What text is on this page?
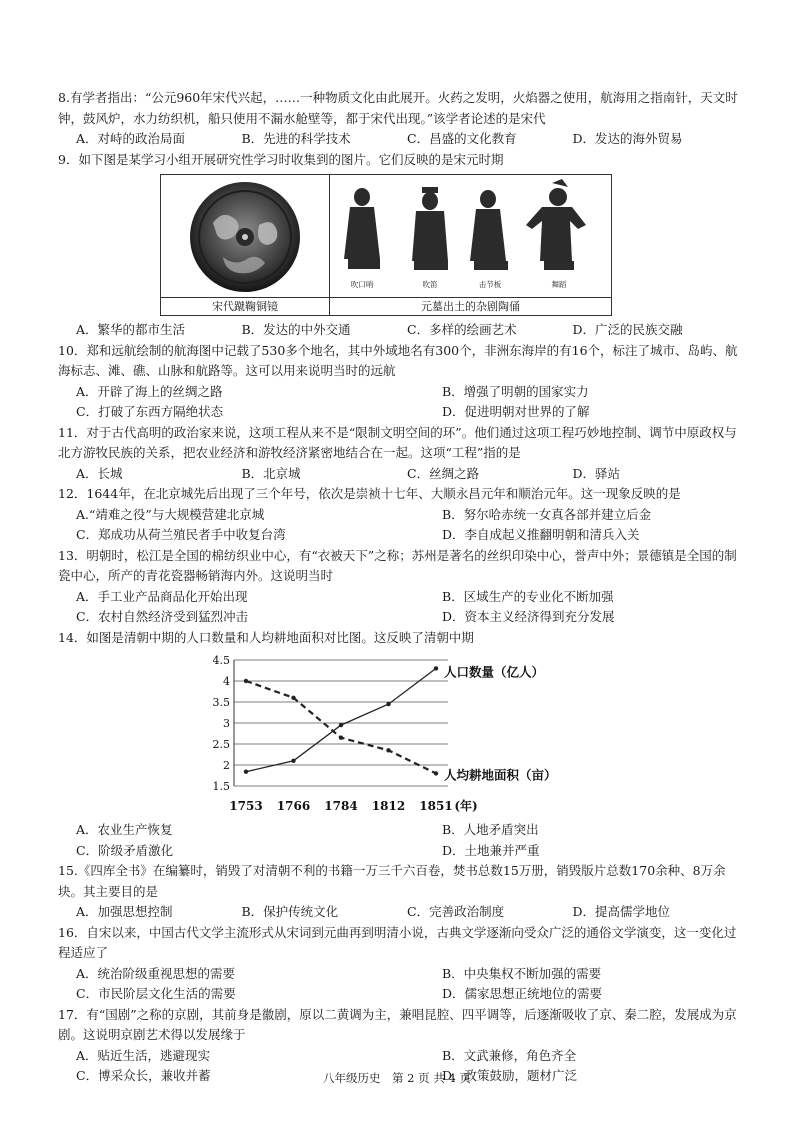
8.有学者指出：“公元960年宋代兴起，……一种物质文化由此展开。火药之发明，火焰器之使用，航海用之指南针，天文时钟，鼓风炉，水力纺织机，船只使用不漏水舱壁等，都于宋代出现。”该学者论述的是宋代

A．对峙的政治局面	B．先进的科学技术	C．昌盛的文化教育	D．发达的海外贸易

9．如下图是某学习小组开展研究性学习时收集到的图片。它们反映的是宋元时期

宋代蹴鞠铜镜
吹口哨	吹笛	击节板	舞蹈
元墓出土的杂剧陶俑
A．繁华的都市生活	B．发达的中外交通	C．多样的绘画艺术	D．广泛的民族交融

10．郑和远航绘制的航海图中记载了530多个地名，其中外域地名有300个，非洲东海岸的有16个，标注了城市、岛屿、航海标志、滩、礁、山脉和航路等。这可以用来说明当时的远航

A．开辟了海上的丝绸之路	B．增强了明朝的国家实力
C．打破了东西方隔绝状态	D．促进明朝对世界的了解

11．对于古代高明的政治家来说，这项工程从来不是“限制文明空间的环”。他们通过这项工程巧妙地控制、调节中原政权与北方游牧民族的关系，把农业经济和游牧经济紧密地结合在一起。这项“工程”指的是

A．长城	B．北京城	C．丝绸之路	D．驿站

12．1644年，在北京城先后出现了三个年号，依次是崇祯十七年、大顺永昌元年和顺治元年。这一现象反映的是

A.“靖难之役”与大规模营建北京城	B．努尔哈赤统一女真各部并建立后金
C．郑成功从荷兰殖民者手中收复台湾	D．李自成起义推翻明朝和清兵入关

13．明朝时，松江是全国的棉纺织业中心，有“衣被天下”之称；苏州是著名的丝织印染中心，誉声中外；景德镇是全国的制瓷中心，所产的青花瓷器畅销海内外。这说明当时

A．手工业产品商品化开始出现	B．区域生产的专业化不断加强
C．农村自然经济受到猛烈冲击	D．资本主义经济得到充分发展

14．如图是清朝中期的人口数量和人均耕地面积对比图。这反映了清朝中期

4.5
4
3.5
3
2.5
2
1.5
1753 1766 1784 1812 1851 (年)
人口数量（亿人）
人均耕地面积（亩）
A．农业生产恢复	B．人地矛盾突出
C．阶级矛盾激化	D．土地兼并严重

15.《四库全书》在编纂时，销毁了对清朝不利的书籍一万三千六百卷，焚书总数15万册，销毁版片总数170余种、8万余块。其主要目的是

A．加强思想控制	B．保护传统文化	C．完善政治制度	D．提高儒学地位

16．自宋以来，中国古代文学主流形式从宋词到元曲再到明清小说，古典文学逐渐向受众广泛的通俗文学演变，这一变化过程适应了

A．统治阶级重视思想的需要	B．中央集权不断加强的需要
C．市民阶层文化生活的需要	D．儒家思想正统地位的需要

17．有“国剧”之称的京剧，其前身是徽剧，原以二黄调为主，兼唱昆腔、四平调等，后逐渐吸收了京、秦二腔，发展成为京剧。这说明京剧艺术得以发展缘于

A．贴近生活，逃避现实	B．文武兼修，角色齐全
C．博采众长，兼收并蓄	D．政策鼓励，题材广泛
八年级历史　第 2 页 共 4 页
